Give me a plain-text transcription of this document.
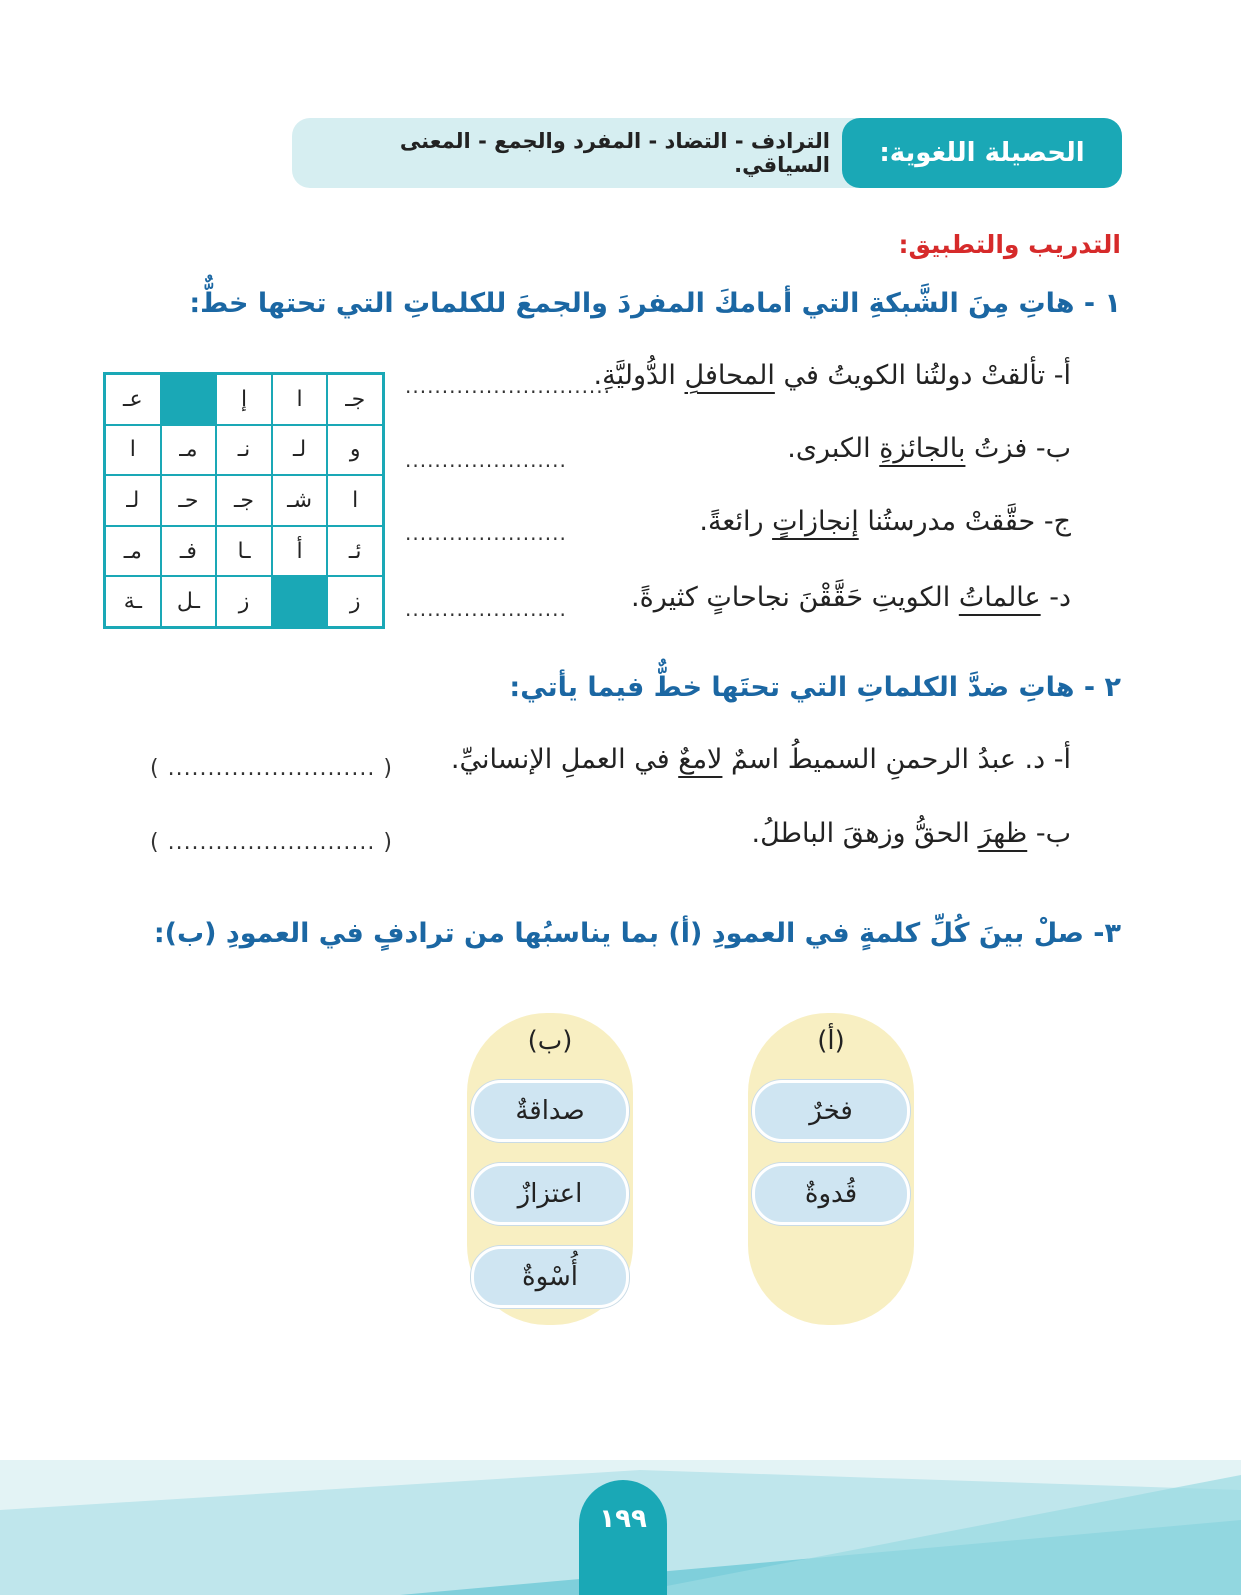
الترادف - التضاد - المفرد والجمع - المعنى السياقي.	الحصيلة اللغوية:
التدريب والتطبيق:
١ - هاتِ مِنَ الشَّبكةِ التي أمامكَ المفردَ والجمعَ للكلماتِ التي تحتها خطٌّ:
أ- تألقتْ دولتُنا الكويتُ في المحافلِ الدُّوليَّةِ.
............................
ب- فزتُ بالجائزةِ الكبرى.
......................
ج- حقَّقتْ مدرستُنا إنجازاتٍ رائعةً.
......................
د- عالماتُ الكويتِ حَقَّقْنَ نجاحاتٍ كثيرةً.
......................
جـ
ا
إ
عـ
و
لـ
نـ
مـ
ا
ا
شـ
جـ
حـ
لـ
ئـ
أ
ـا
فـ
مـ
ز
ز
ـل
ـة
٢ - هاتِ ضدَّ الكلماتِ التي تحتَها خطٌّ فيما يأتي:
أ- د. عبدُ الرحمنِ السميطُ اسمٌ لامعٌ في العملِ الإنسانيِّ.
( .......................... )
ب- ظهرَ الحقُّ وزهقَ الباطلُ.
( .......................... )
٣- صلْ بينَ كُلِّ كلمةٍ في العمودِ (أ) بما يناسبُها من ترادفٍ في العمودِ (ب):
(أ)
فخرٌ
قُدوةٌ
(ب)
صداقةٌ
اعتزازٌ
أُسْوةٌ
١٩٩
